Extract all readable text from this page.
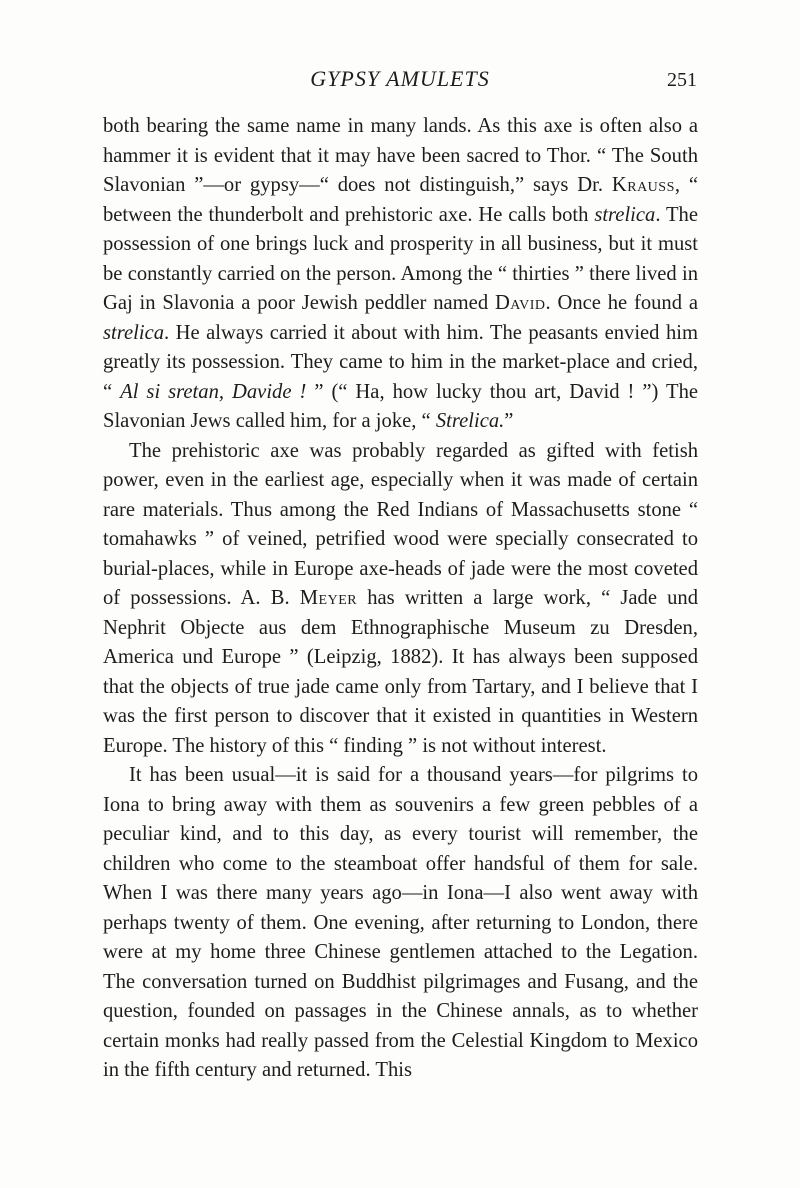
GYPSY AMULETS	251

both bearing the same name in many lands. As this axe is often also a hammer it is evident that it may have been sacred to Thor. “ The South Slavonian ”—or gypsy—“ does not distinguish,” says Dr. Krauss, “ between the thunderbolt and prehistoric axe. He calls both strelica. The possession of one brings luck and prosperity in all business, but it must be constantly carried on the person. Among the “ thirties ” there lived in Gaj in Slavonia a poor Jewish peddler named David. Once he found a strelica. He always carried it about with him. The peasants envied him greatly its possession. They came to him in the market-place and cried, “ Al si sretan, Davide ! ” (“ Ha, how lucky thou art, David ! ”) The Slavonian Jews called him, for a joke, “ Strelica.”

The prehistoric axe was probably regarded as gifted with fetish power, even in the earliest age, especially when it was made of certain rare materials. Thus among the Red Indians of Massachusetts stone “ tomahawks ” of veined, petrified wood were specially consecrated to burial-places, while in Europe axe-heads of jade were the most coveted of possessions. A. B. Meyer has written a large work, “ Jade und Nephrit Objecte aus dem Ethnographische Museum zu Dresden, America und Europe ” (Leipzig, 1882). It has always been supposed that the objects of true jade came only from Tartary, and I believe that I was the first person to discover that it existed in quantities in Western Europe. The history of this “ finding ” is not without interest.

It has been usual—it is said for a thousand years—for pilgrims to Iona to bring away with them as souvenirs a few green pebbles of a peculiar kind, and to this day, as every tourist will remember, the children who come to the steamboat offer handsful of them for sale. When I was there many years ago—in Iona—I also went away with perhaps twenty of them. One evening, after returning to London, there were at my home three Chinese gentlemen attached to the Legation. The conversation turned on Buddhist pilgrimages and Fusang, and the question, founded on passages in the Chinese annals, as to whether certain monks had really passed from the Celestial Kingdom to Mexico in the fifth century and returned. This
